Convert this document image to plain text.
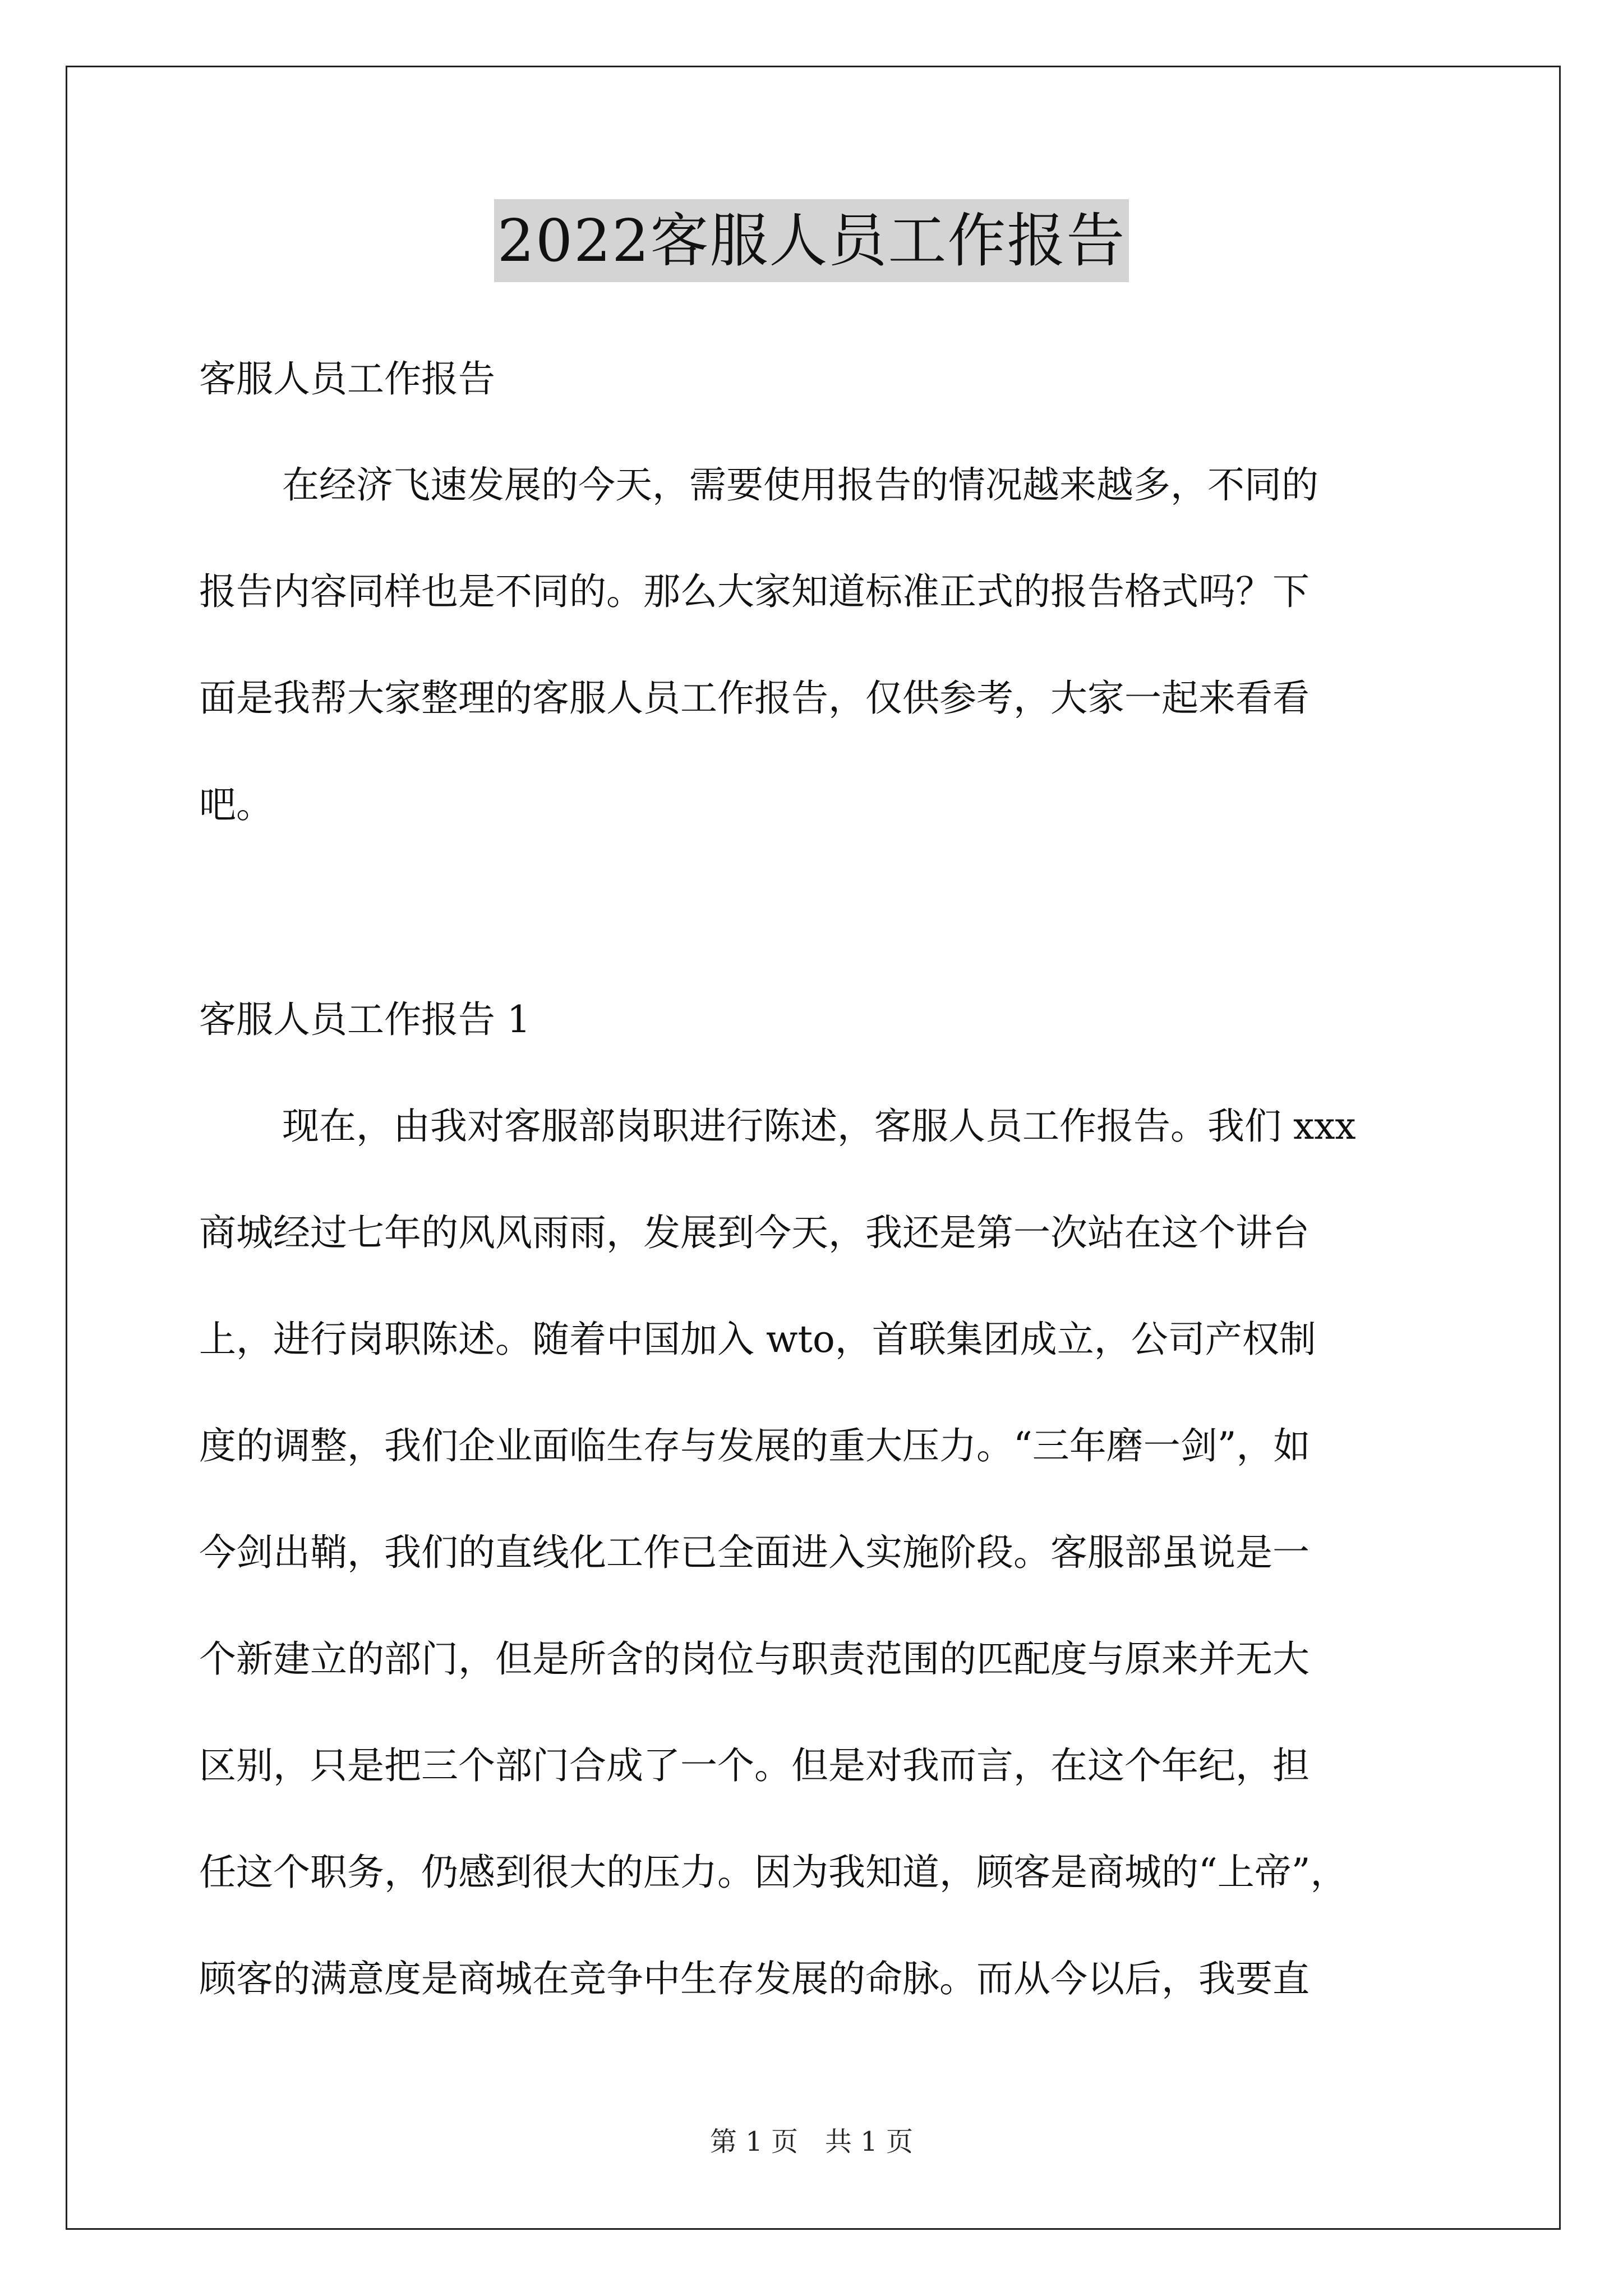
2022客服人员工作报告
客服人员工作报告
在经济飞速发展的今天，需要使用报告的情况越来越多，不同的
报告内容同样也是不同的。那么大家知道标准正式的报告格式吗？下
面是我帮大家整理的客服人员工作报告，仅供参考，大家一起来看看
吧。
客服人员工作报告 1
现在，由我对客服部岗职进行陈述，客服人员工作报告。我们 xxx
商城经过七年的风风雨雨，发展到今天，我还是第一次站在这个讲台
上，进行岗职陈述。随着中国加入 wto，首联集团成立，公司产权制
度的调整，我们企业面临生存与发展的重大压力。“三年磨一剑”，如
今剑出鞘，我们的直线化工作已全面进入实施阶段。客服部虽说是一
个新建立的部门，但是所含的岗位与职责范围的匹配度与原来并无大
区别，只是把三个部门合成了一个。但是对我而言，在这个年纪，担
任这个职务，仍感到很大的压力。因为我知道，顾客是商城的“上帝”，
顾客的满意度是商城在竞争中生存发展的命脉。而从今以后，我要直
第 1 页　共 1 页
